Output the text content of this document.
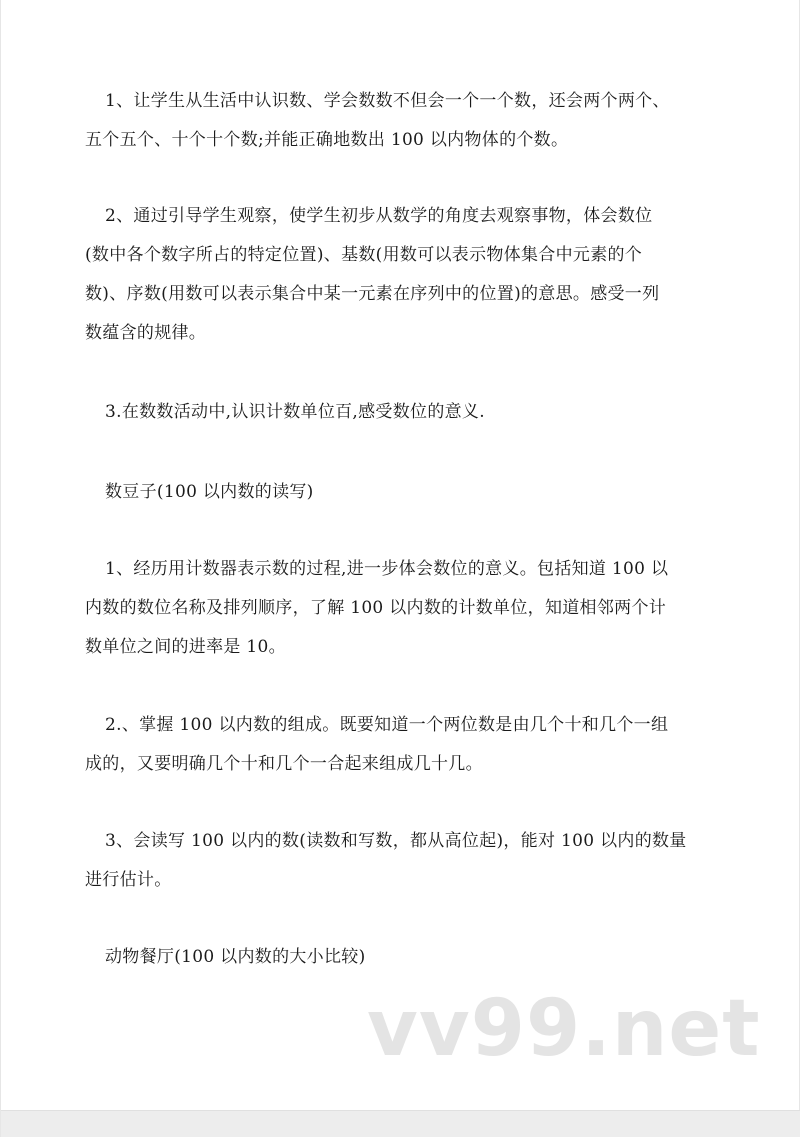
1、让学生从生活中认识数、学会数数不但会一个一个数，还会两个两个、
五个五个、十个十个数;并能正确地数出 100 以内物体的个数。
2、通过引导学生观察，使学生初步从数学的角度去观察事物，体会数位
(数中各个数字所占的特定位置)、基数(用数可以表示物体集合中元素的个
数)、序数(用数可以表示集合中某一元素在序列中的位置)的意思。感受一列
数蕴含的规律。
3.在数数活动中,认识计数单位百,感受数位的意义.
数豆子(100 以内数的读写)
1、经历用计数器表示数的过程,进一步体会数位的意义。包括知道 100 以
内数的数位名称及排列顺序，了解 100 以内数的计数单位，知道相邻两个计
数单位之间的进率是 10。
2.、掌握 100 以内数的组成。既要知道一个两位数是由几个十和几个一组
成的，又要明确几个十和几个一合起来组成几十几。
3、会读写 100 以内的数(读数和写数，都从高位起)，能对 100 以内的数量
进行估计。
动物餐厅(100 以内数的大小比较)
vv99.net
